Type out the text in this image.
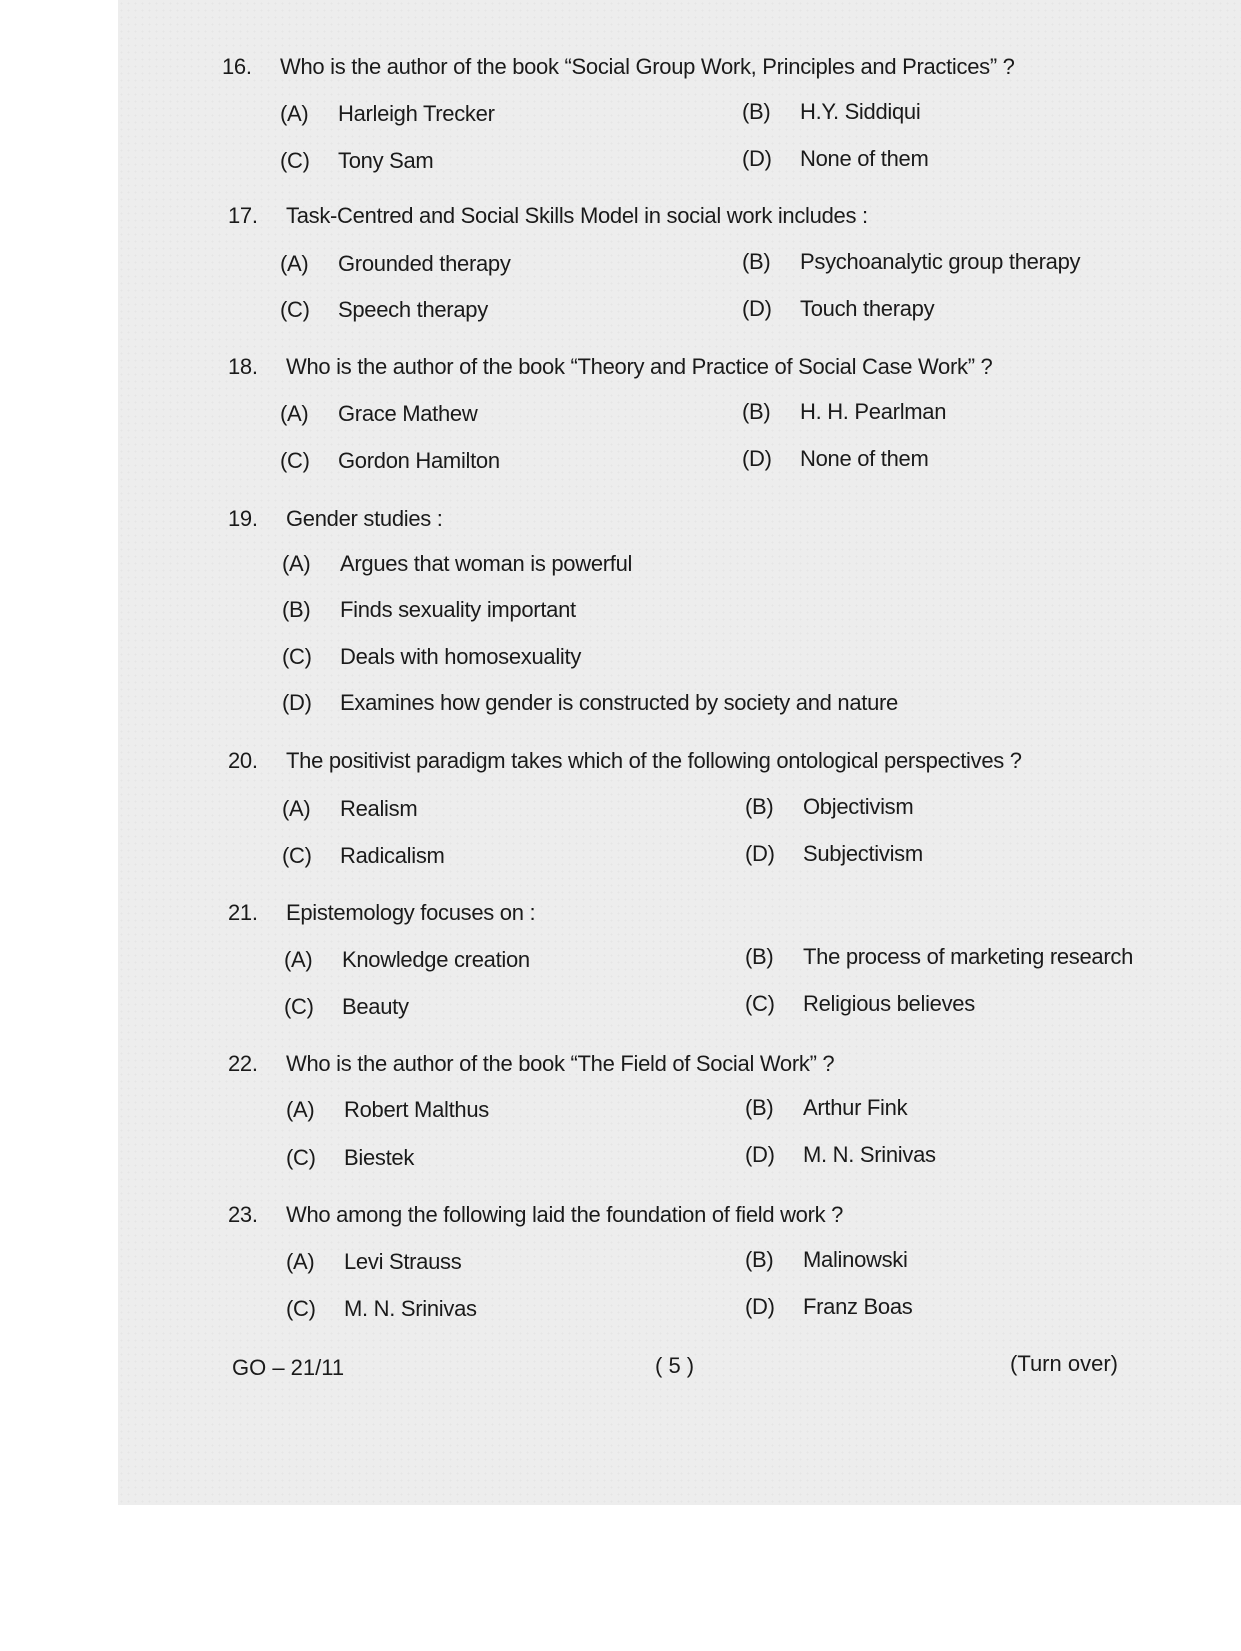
16. Who is the author of the book “Social Group Work, Principles and Practices” ?
(A) Harleigh Trecker	(B) H.Y. Siddiqui
(C) Tony Sam	(D) None of them
17. Task-Centred and Social Skills Model in social work includes :
(A) Grounded therapy	(B) Psychoanalytic group therapy
(C) Speech therapy	(D) Touch therapy
18. Who is the author of the book “Theory and Practice of Social Case Work” ?
(A) Grace Mathew	(B) H. H. Pearlman
(C) Gordon Hamilton	(D) None of them
19. Gender studies :
(A) Argues that woman is powerful
(B) Finds sexuality important
(C) Deals with homosexuality
(D) Examines how gender is constructed by society and nature
20. The positivist paradigm takes which of the following ontological perspectives ?
(A) Realism	(B) Objectivism
(C) Radicalism	(D) Subjectivism
21. Epistemology focuses on :
(A) Knowledge creation	(B) The process of marketing research
(C) Beauty	(C) Religious believes
22. Who is the author of the book “The Field of Social Work” ?
(A) Robert Malthus	(B) Arthur Fink
(C) Biestek	(D) M. N. Srinivas
23. Who among the following laid the foundation of field work ?
(A) Levi Strauss	(B) Malinowski
(C) M. N. Srinivas	(D) Franz Boas
GO – 21/11	( 5 )	(Turn over)
